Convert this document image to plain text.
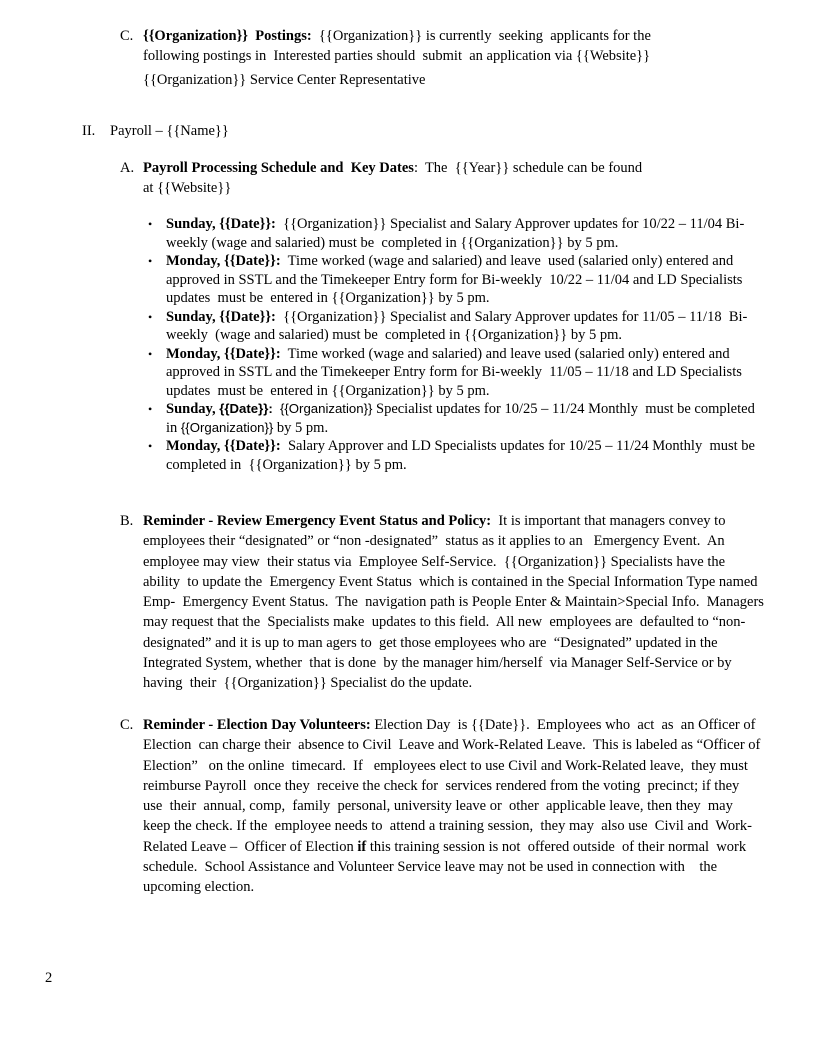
C. {{Organization}}  Postings:  {{Organization}} is currently  seeking  applicants for the following postings in  Interested parties should  submit  an application via {{Website}}
{{Organization}} Service Center Representative
II.	Payroll – {{Name}}
A. Payroll Processing Schedule and  Key Dates:  The  {{Year}} schedule can be found  at {{Website}}
• Sunday, {{Date}}:  {{Organization}} Specialist and Salary Approver updates for 10/22 – 11/04 Bi-  weekly (wage and salaried) must be  completed in {{Organization}} by 5 pm.
• Monday, {{Date}}:  Time worked (wage and salaried) and leave  used (salaried only) entered and approved in SSTL and the Timekeeper Entry form for Bi-weekly  10/22 – 11/04 and LD Specialists updates  must be  entered in {{Organization}} by 5 pm.
• Sunday, {{Date}}:  {{Organization}} Specialist and Salary Approver updates for 11/05 – 11/18  Bi-weekly  (wage and salaried) must be  completed in {{Organization}} by 5 pm.
• Monday, {{Date}}:  Time worked (wage and salaried) and leave used (salaried only) entered and approved in SSTL and the Timekeeper Entry form for Bi-weekly  11/05 – 11/18 and LD Specialists updates  must be  entered in {{Organization}} by 5 pm.
• Sunday, {{Date}}: {{Organization}} Specialist updates for 10/25 – 11/24 Monthly  must be completed in {{Organization}} by 5 pm.
• Monday, {{Date}}:  Salary Approver and LD Specialists updates for 10/25 – 11/24 Monthly  must be completed in  {{Organization}} by 5 pm.
B. Reminder - Review Emergency Event Status and Policy:  It is important that managers convey to employees their “designated” or “non -designated”  status as it applies to an   Emergency Event.  An employee may view  their status via  Employee Self-Service.  {{Organization}} Specialists have the ability  to update the  Emergency Event Status  which is contained in the Special Information Type named Emp-  Emergency Event Status.  The  navigation path is People Enter & Maintain>Special Info.  Managers may request that the  Specialists make  updates to this field.  All new  employees are  defaulted to “non-designated” and it is up to man agers to  get those employees who are  “Designated” updated in the Integrated System, whether  that is done  by the manager him/herself  via Manager Self-Service or by having  their  {{Organization}} Specialist do the update.
C. Reminder - Election Day Volunteers: Election Day  is {{Date}}.  Employees who  act  as  an Officer of Election  can charge their  absence to Civil  Leave and Work-Related Leave.  This is labeled as “Officer of Election”   on the online  timecard.  If   employees elect to use Civil and Work-Related leave,  they must  reimburse Payroll  once they  receive the check for  services rendered from the voting  precinct; if they  use  their  annual, comp,  family  personal, university leave or  other  applicable leave, then they  may keep the check. If the  employee needs to  attend a training session,  they may  also use  Civil and  Work-Related Leave –  Officer of Election if this training session is not  offered outside  of their normal  work schedule.  School Assistance and Volunteer Service leave may not be used in connection with    the  upcoming election.
2
